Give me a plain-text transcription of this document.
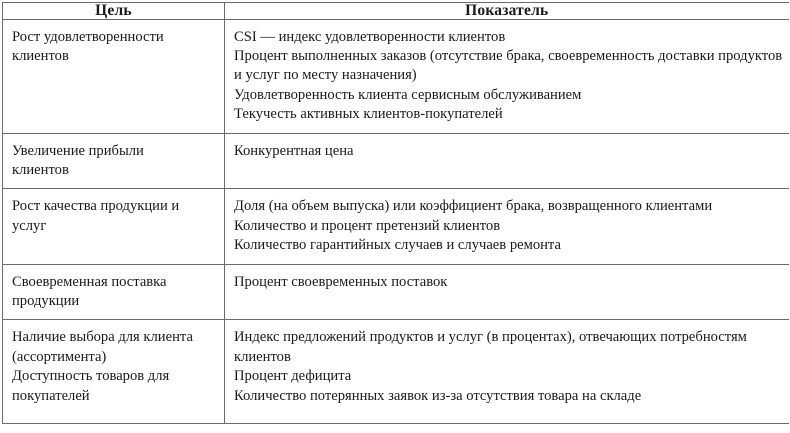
Цель	Показатель

Рост удовлетворенности
клиентов	CSI — индекс удовлетворенности клиентов
Процент выполненных заказов (отсутствие брака, своевременность доставки продуктов и услуг по месту назначения)
Удовлетворенность клиента сервисным обслуживанием
Текучесть активных клиентов-покупателей

Увеличение прибыли
клиентов	Конкурентная цена

Рост качества продукции и
услуг	Доля (на объем выпуска) или коэффициент брака, возвращенного клиентами
Количество и процент претензий клиентов
Количество гарантийных случаев и случаев ремонта

Своевременная поставка
продукции	Процент своевременных поставок

Наличие выбора для клиента
(ассортимента)
Доступность товаров для
покупателей	Индекс предложений продуктов и услуг (в процентах), отвечающих потребностям клиентов
Процент дефицита
Количество потерянных заявок из-за отсутствия товара на складе
